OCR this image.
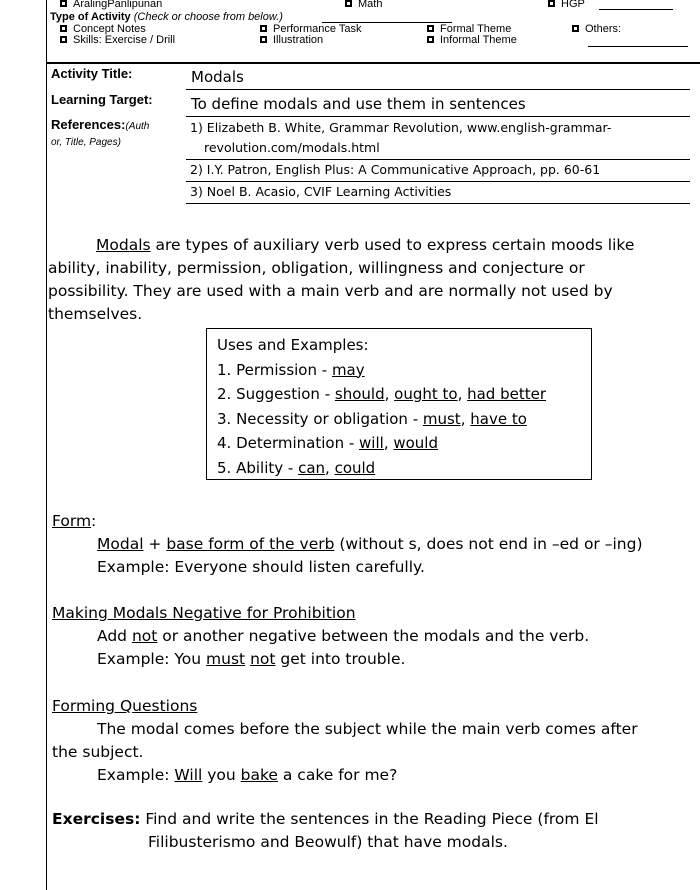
AralingPanlipunan	Math	HGP
Type of Activity (Check or choose from below.)
Concept Notes	Performance Task	Formal Theme	Others:
Skills: Exercise / Drill	Illustration	Informal Theme
Activity Title:	Modals
Learning Target:	To define modals and use them in sentences
References:(Auth
or, Title, Pages)
1) Elizabeth B. White, Grammar Revolution, www.english-grammar-
revolution.com/modals.html
2) I.Y. Patron, English Plus: A Communicative Approach, pp. 60-61
3) Noel B. Acasio, CVIF Learning Activities
Modals are types of auxiliary verb used to express certain moods like
ability, inability, permission, obligation, willingness and conjecture or
possibility. They are used with a main verb and are normally not used by
themselves.
Uses and Examples:
1. Permission - may
2. Suggestion - should, ought to, had better
3. Necessity or obligation - must, have to
4. Determination - will, would
5. Ability - can, could
Form:
Modal + base form of the verb (without s, does not end in –ed or –ing)
Example: Everyone should listen carefully.
Making Modals Negative for Prohibition
Add not or another negative between the modals and the verb.
Example: You must not get into trouble.
Forming Questions
The modal comes before the subject while the main verb comes after
the subject.
Example: Will you bake a cake for me?
Exercises: Find and write the sentences in the Reading Piece (from El
Filibusterismo and Beowulf) that have modals.
